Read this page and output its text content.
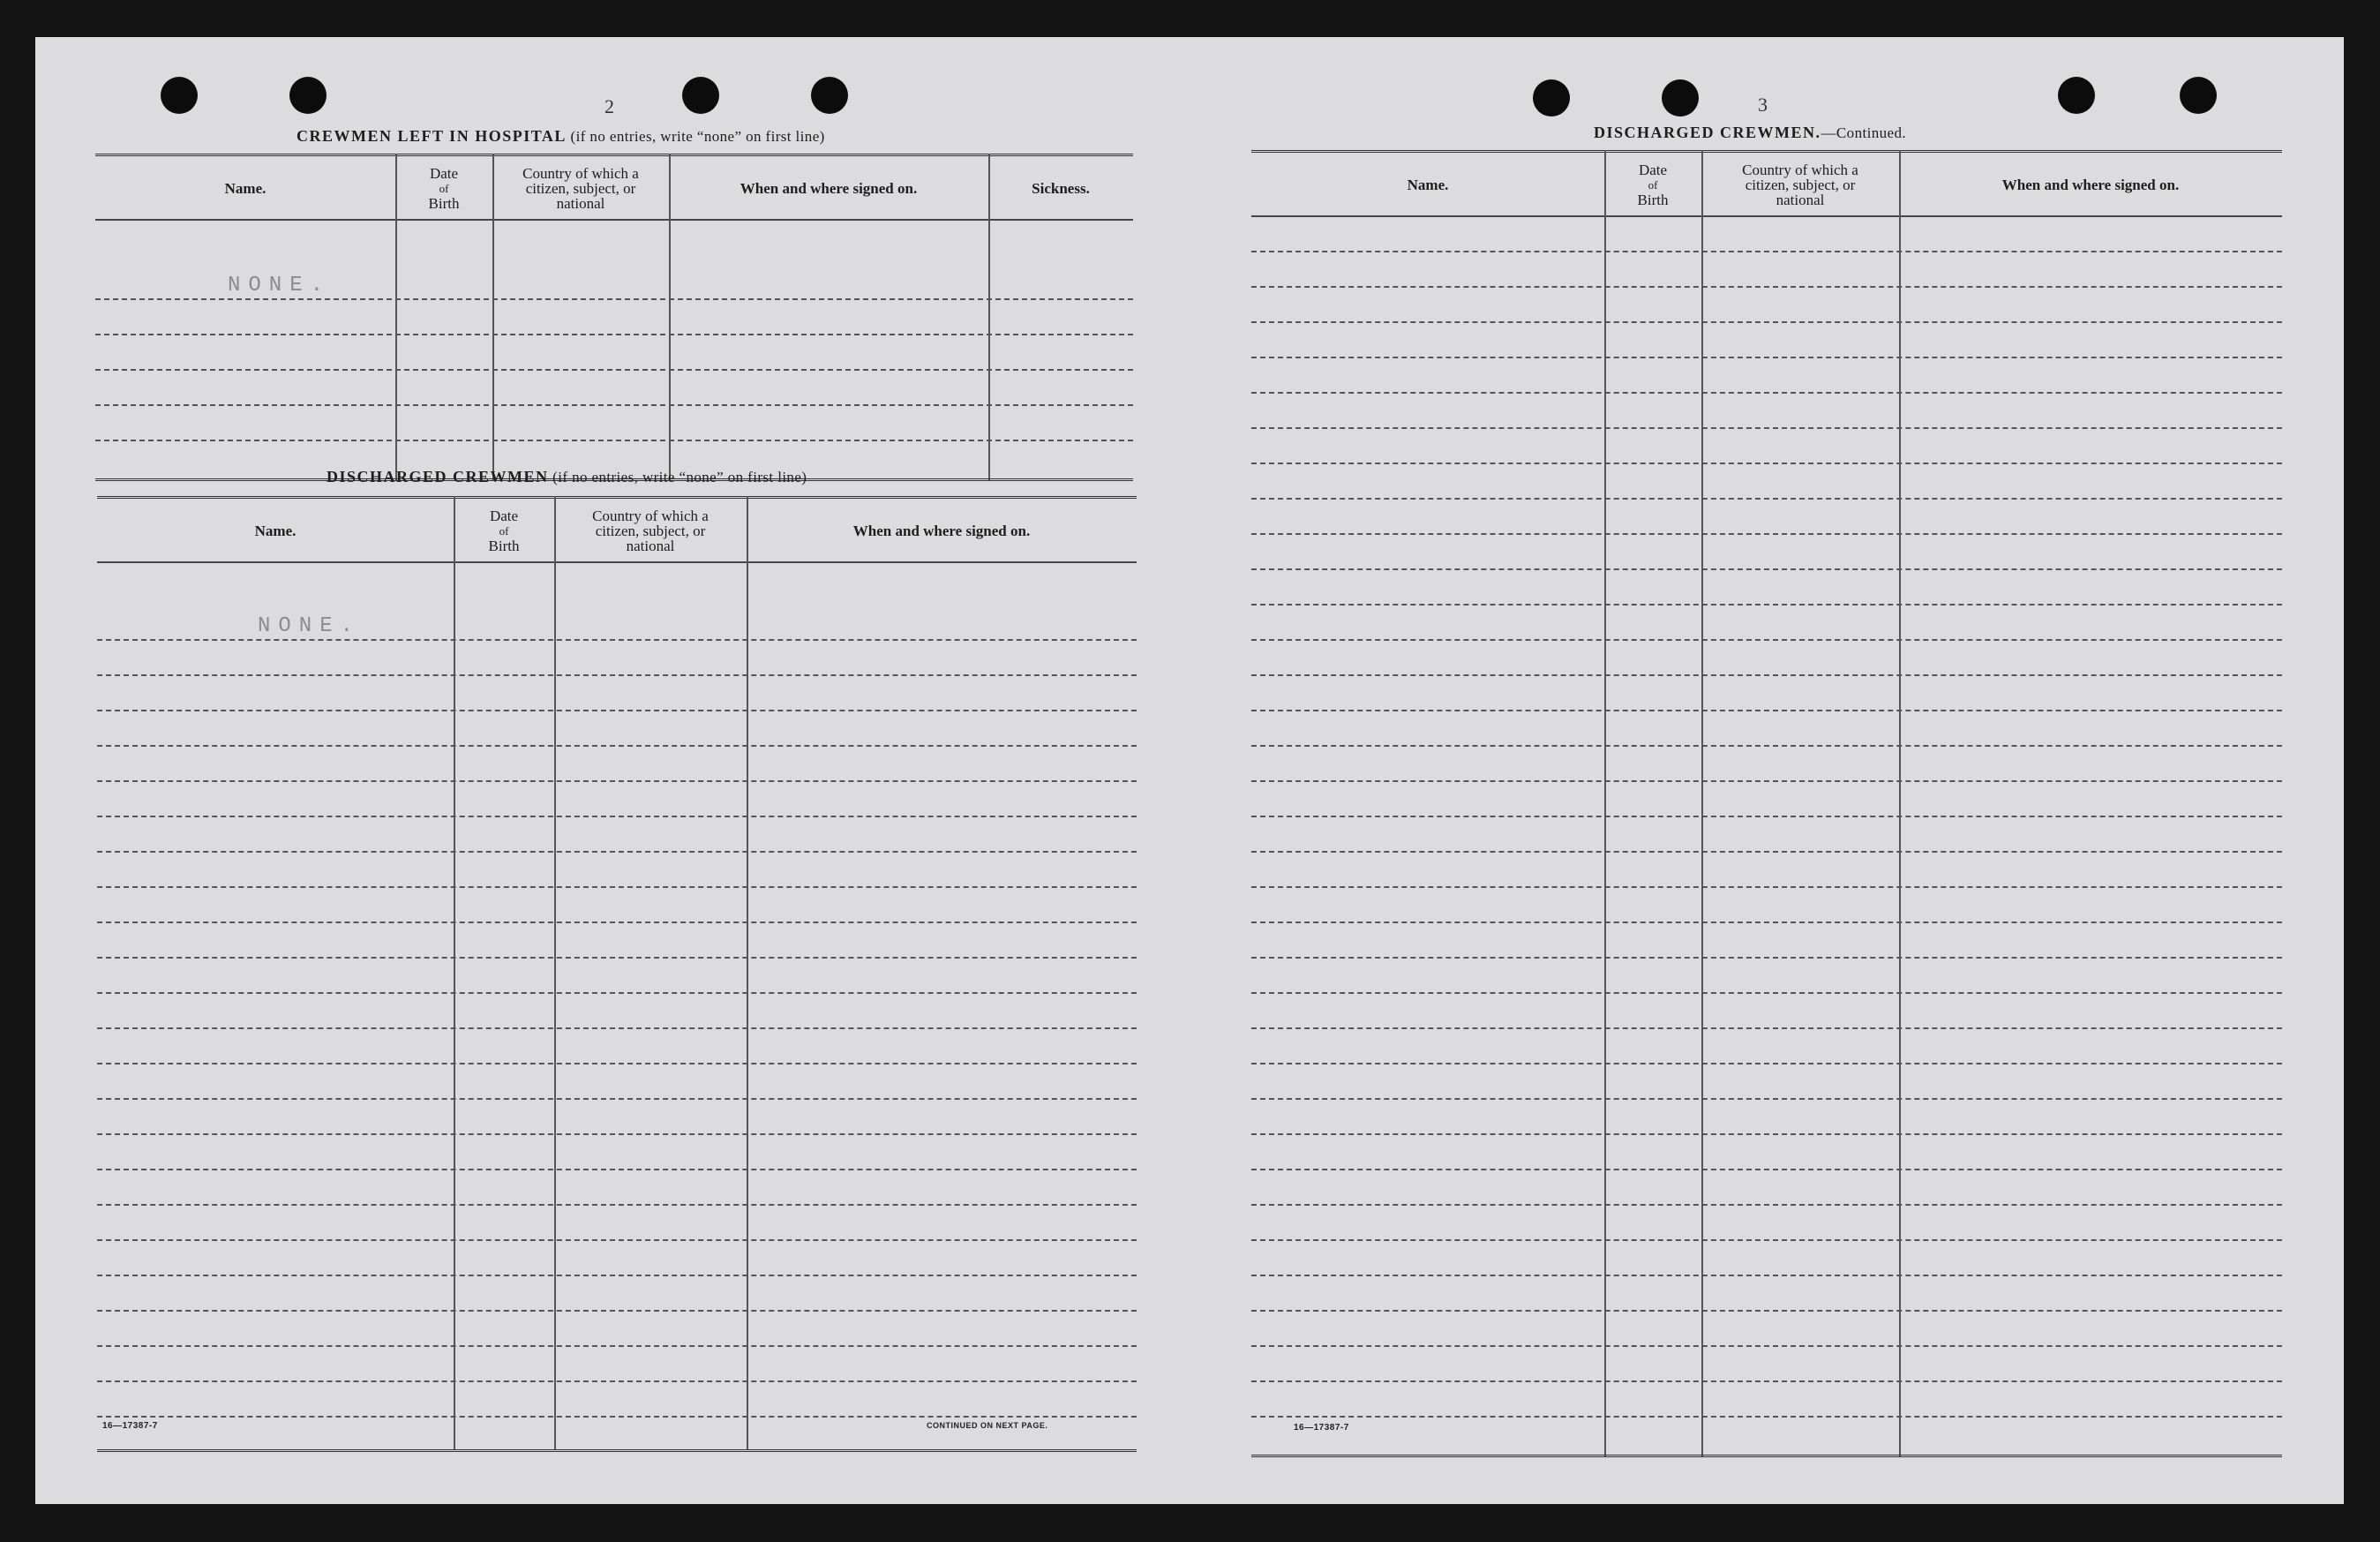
2
CREWMEN LEFT IN HOSPITAL (if no entries, write “none” on first line)
Name.
Date
of
Birth
Country of which a
citizen, subject, or
national
When and where signed on.	Sickness.
NONE.
DISCHARGED CREWMEN (if no entries, write “none” on first line)
Name.
Date
of
Birth
Country of which a
citizen, subject, or
national
When and where signed on.
NONE.
16—17387-7	CONTINUED ON NEXT PAGE.
3
DISCHARGED CREWMEN.—Continued.
Name.
Date
of
Birth
Country of which a
citizen, subject, or
national
When and where signed on.
16—17387-7
